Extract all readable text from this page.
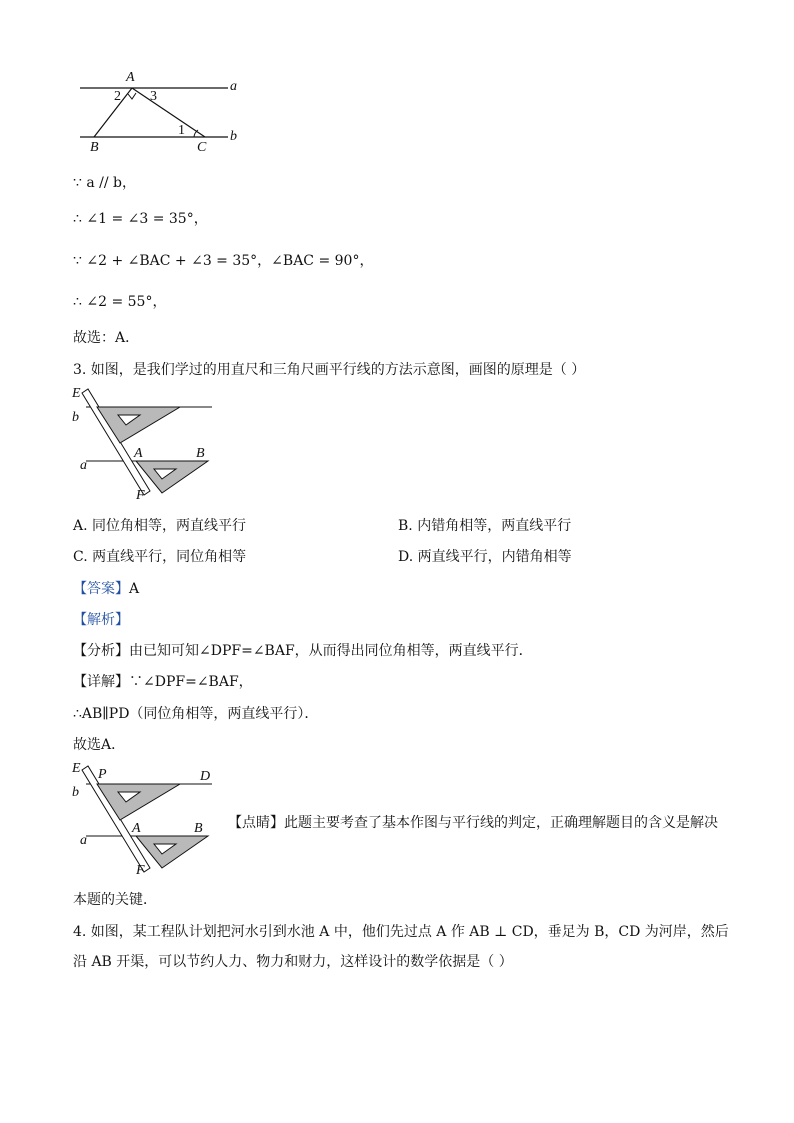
A
a
2 3
1
B	C
b
∵ a // b，
∴ ∠1 = ∠3 = 35°，
∵ ∠2 + ∠BAC + ∠3 = 35°，∠BAC = 90°，
∴ ∠2 = 55°，
故选：A．
3. 如图，是我们学过的用直尺和三角尺画平行线的方法示意图，画图的原理是（ ）
E
b
A	B
a
F
A. 同位角相等，两直线平行	B. 内错角相等，两直线平行
C. 两直线平行，同位角相等	D. 两直线平行，内错角相等
【答案】A
【解析】
【分析】由已知可知∠DPF=∠BAF，从而得出同位角相等，两直线平行．
【详解】∵∠DPF=∠BAF，
∴AB∥PD（同位角相等，两直线平行）．
故选A．
E P	D
b
A	B
a
F
【点睛】此题主要考查了基本作图与平行线的判定，正确理解题目的含义是解决
本题的关键．
4. 如图，某工程队计划把河水引到水池 A 中，他们先过点 A 作 AB ⊥ CD，垂足为 B，CD 为河岸，然后
沿 AB 开渠，可以节约人力、物力和财力，这样设计的数学依据是（ ）
